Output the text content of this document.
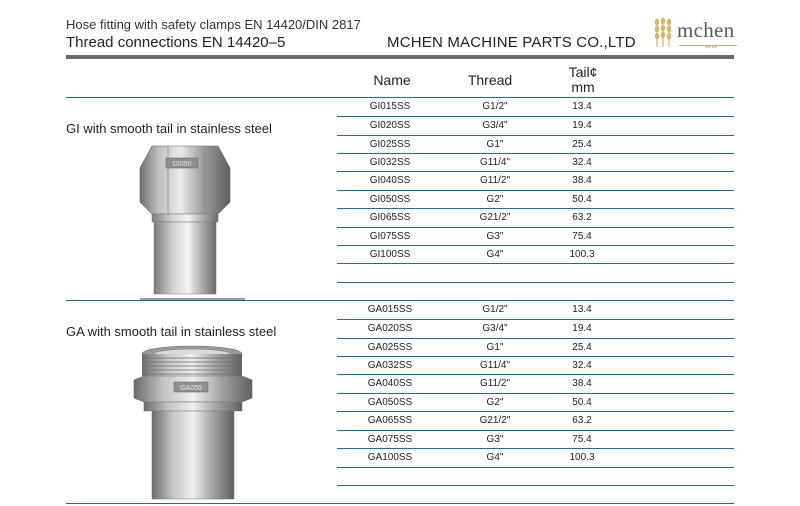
Hose fitting with safety clamps EN 14420/DIN 2817
Thread connections EN 14420–5	MCHEN MACHINE PARTS CO.,LTD
mchen
mchen
Name	Thread	Tail¢
mm
GI with smooth tail in stainless steel
GI015SS	G1/2"	13.4
GI020SS	G3/4"	19.4
GI025SS	G1"	25.4
GI032SS	G11/4"	32.4
GI040SS	G11/2"	38.4
GI050SS	G2"	50.4
GI065SS	G21/2"	63.2
GI075SS	G3"	75.4
GI100SS	G4"	100.3
GI050
GA with smooth tail in stainless steel
GA015SS	G1/2"	13.4
GA020SS	G3/4"	19.4
GA025SS	G1"	25.4
GA032SS	G11/4"	32.4
GA040SS	G11/2"	38.4
GA050SS	G2"	50.4
GA065SS	G21/2"	63.2
GA075SS	G3"	75.4
GA100SS	G4"	100.3
GA050
